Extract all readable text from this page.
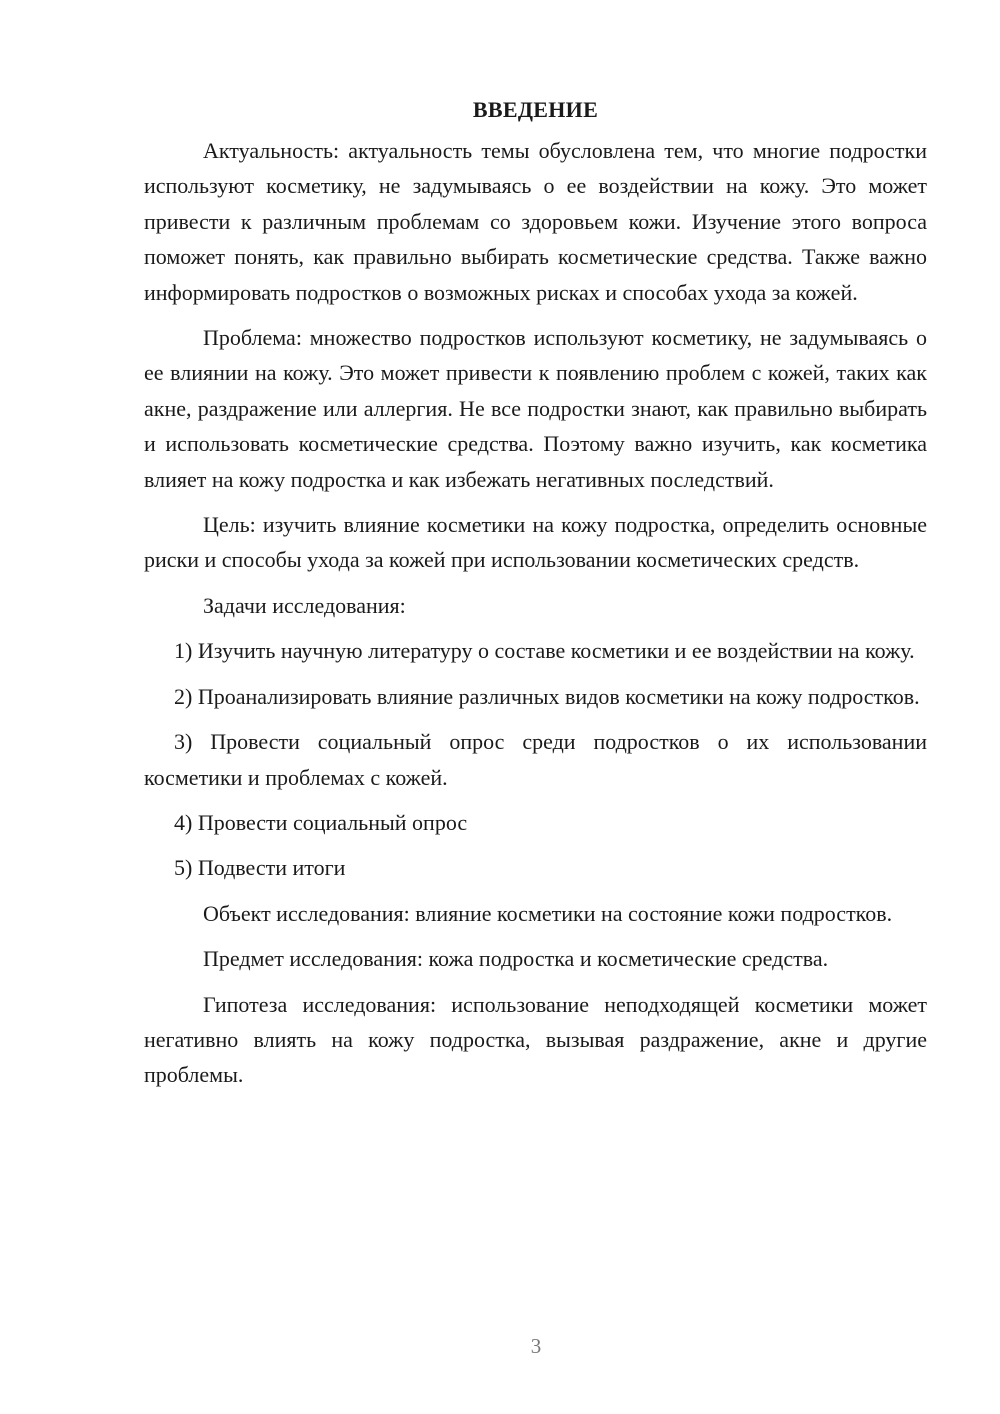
ВВЕДЕНИЕ

Актуальность: актуальность темы обусловлена тем, что многие подростки используют косметику, не задумываясь о ее воздействии на кожу. Это может привести к различным проблемам со здоровьем кожи. Изучение этого вопроса поможет понять, как правильно выбирать косметические средства. Также важно информировать подростков о возможных рисках и способах ухода за кожей.

Проблема: множество подростков используют косметику, не задумываясь о ее влиянии на кожу. Это может привести к появлению проблем с кожей, таких как акне, раздражение или аллергия. Не все подростки знают, как правильно выбирать и использовать косметические средства. Поэтому важно изучить, как косметика влияет на кожу подростка и как избежать негативных последствий.

Цель: изучить влияние косметики на кожу подростка, определить основные риски и способы ухода за кожей при использовании косметических средств.

Задачи исследования:

1) Изучить научную литературу о составе косметики и ее воздействии на кожу.

2) Проанализировать влияние различных видов косметики на кожу подростков.

3) Провести социальный опрос среди подростков о их использовании косметики и проблемах с кожей.

4) Провести социальный опрос

5) Подвести итоги

Объект исследования: влияние косметики на состояние кожи подростков.

Предмет исследования: кожа подростка и косметические средства.

Гипотеза исследования: использование неподходящей косметики может негативно влиять на кожу подростка, вызывая раздражение, акне и другие проблемы.

3
